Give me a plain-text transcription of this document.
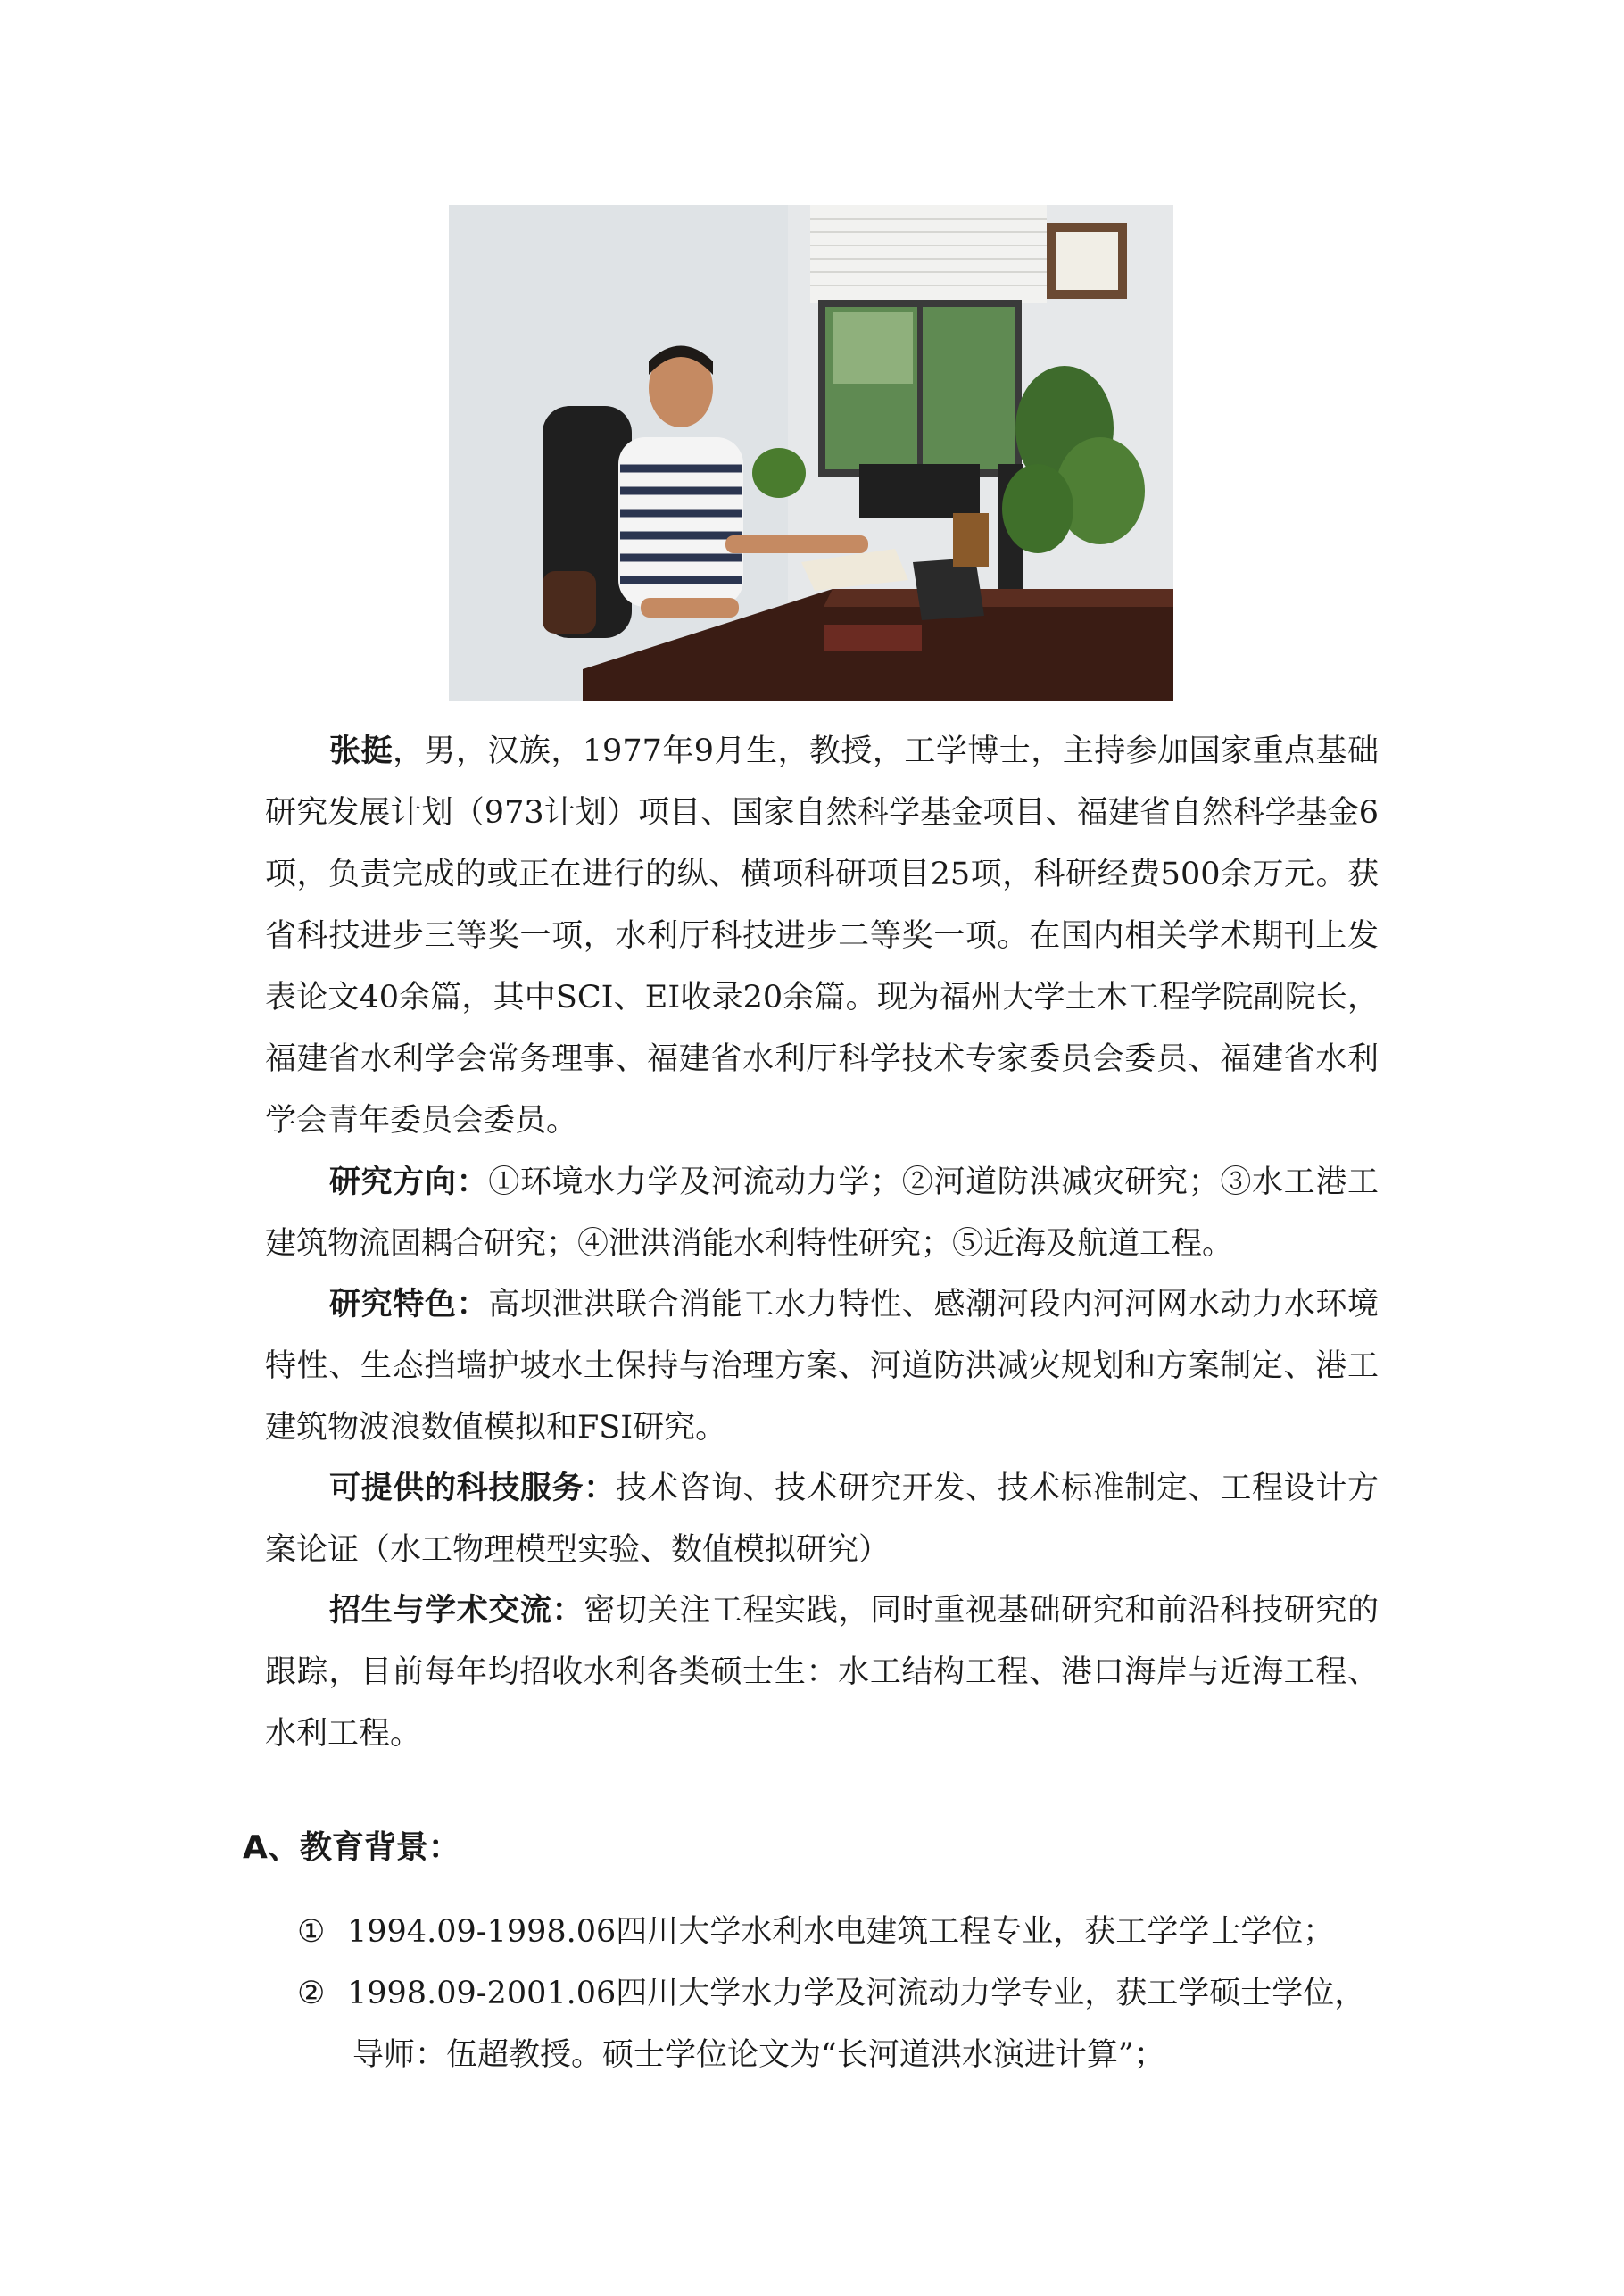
张挺，男，汉族，1977年9月生，教授，工学博士，主持参加国家重点基础研究发展计划（973计划）项目、国家自然科学基金项目、福建省自然科学基金6项，负责完成的或正在进行的纵、横项科研项目25项，科研经费500余万元。获省科技进步三等奖一项，水利厅科技进步二等奖一项。在国内相关学术期刊上发表论文40余篇，其中SCI、EI收录20余篇。现为福州大学土木工程学院副院长，福建省水利学会常务理事、福建省水利厅科学技术专家委员会委员、福建省水利学会青年委员会委员。

研究方向：①环境水力学及河流动力学；②河道防洪减灾研究；③水工港工建筑物流固耦合研究；④泄洪消能水利特性研究；⑤近海及航道工程。

研究特色：高坝泄洪联合消能工水力特性、感潮河段内河河网水动力水环境特性、生态挡墙护坡水土保持与治理方案、河道防洪减灾规划和方案制定、港工建筑物波浪数值模拟和FSI研究。

可提供的科技服务：技术咨询、技术研究开发、技术标准制定、工程设计方案论证（水工物理模型实验、数值模拟研究）

招生与学术交流：密切关注工程实践，同时重视基础研究和前沿科技研究的跟踪，目前每年均招收水利各类硕士生：水工结构工程、港口海岸与近海工程、水利工程。

A、教育背景：
① 1994.09-1998.06四川大学水利水电建筑工程专业，获工学学士学位；
② 1998.09-2001.06四川大学水力学及河流动力学专业，获工学硕士学位，
导师：伍超教授。硕士学位论文为“长河道洪水演进计算”；
